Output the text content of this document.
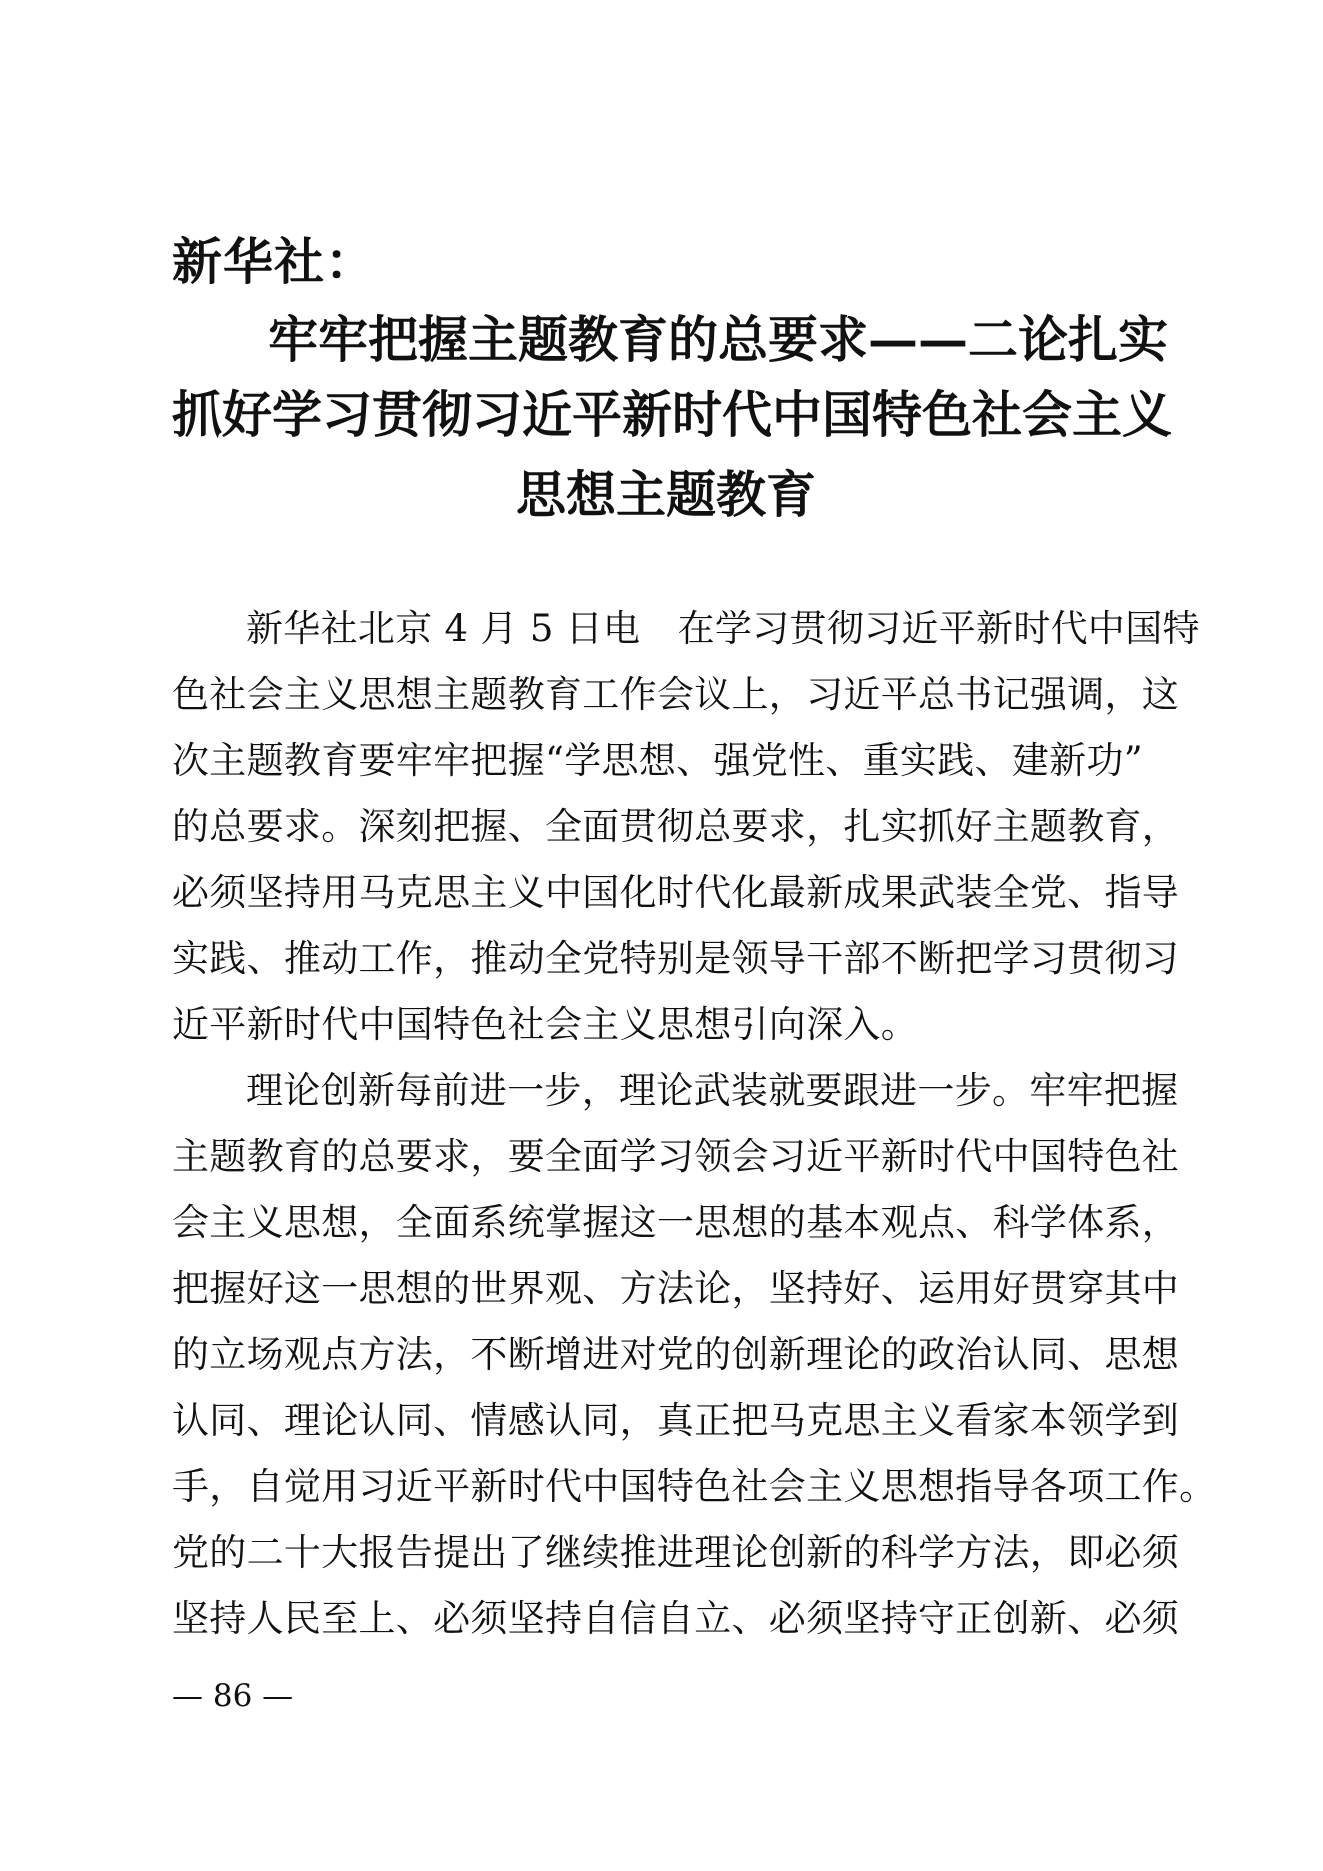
新华社：
牢牢把握主题教育的总要求——二论扎实
抓好学习贯彻习近平新时代中国特色社会主义
思想主题教育
新华社北京 4 月 5 日电　在学习贯彻习近平新时代中国特
色社会主义思想主题教育工作会议上，习近平总书记强调，这
次主题教育要牢牢把握“学思想、强党性、重实践、建新功”
的总要求。深刻把握、全面贯彻总要求，扎实抓好主题教育，
必须坚持用马克思主义中国化时代化最新成果武装全党、指导
实践、推动工作，推动全党特别是领导干部不断把学习贯彻习
近平新时代中国特色社会主义思想引向深入。
理论创新每前进一步，理论武装就要跟进一步。牢牢把握
主题教育的总要求，要全面学习领会习近平新时代中国特色社
会主义思想，全面系统掌握这一思想的基本观点、科学体系，
把握好这一思想的世界观、方法论，坚持好、运用好贯穿其中
的立场观点方法，不断增进对党的创新理论的政治认同、思想
认同、理论认同、情感认同，真正把马克思主义看家本领学到
手，自觉用习近平新时代中国特色社会主义思想指导各项工作。
党的二十大报告提出了继续推进理论创新的科学方法，即必须
坚持人民至上、必须坚持自信自立、必须坚持守正创新、必须
— 86 —
